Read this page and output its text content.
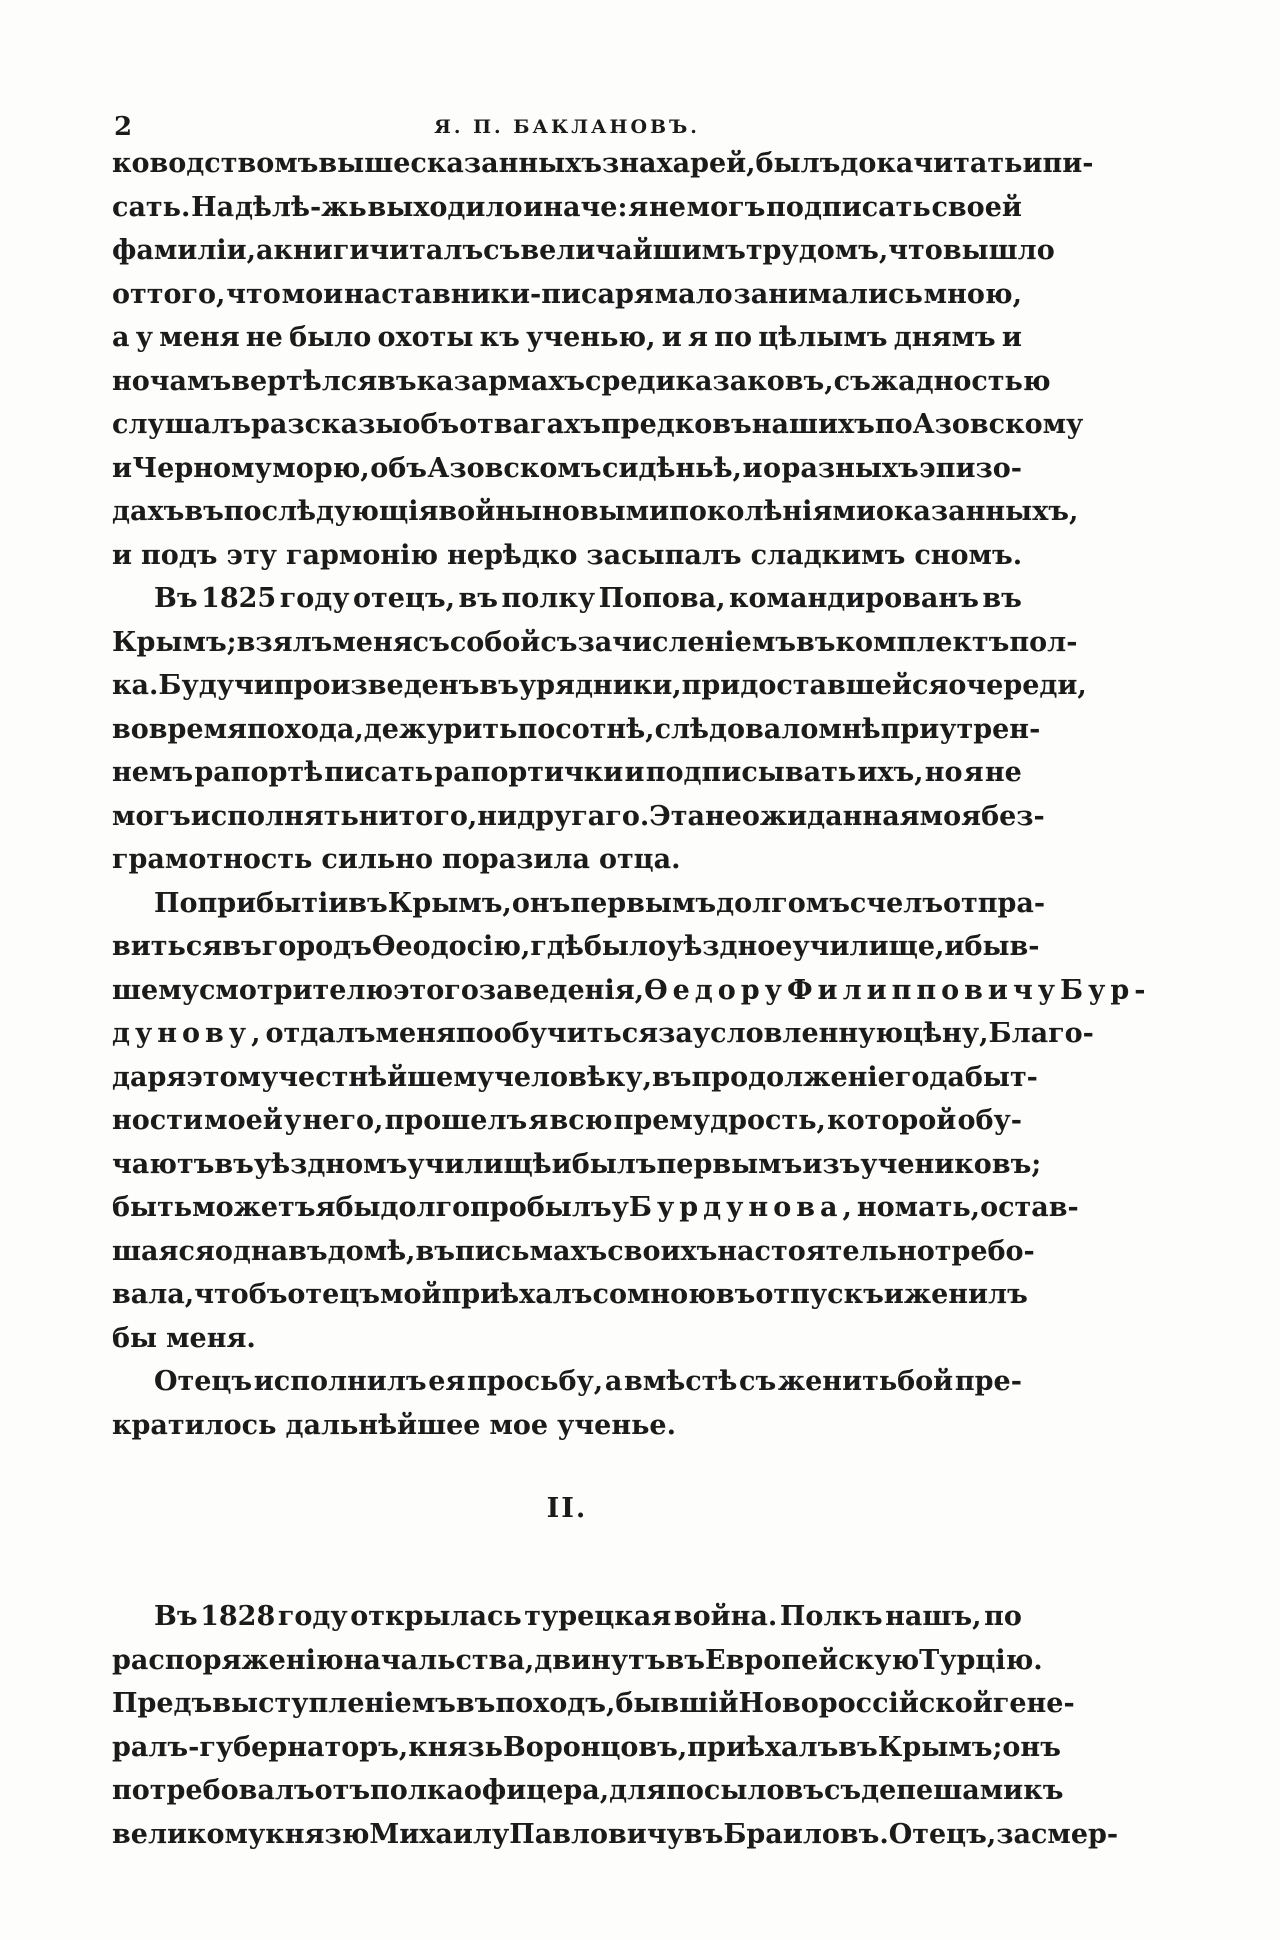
2	Я. П. БАКЛАНОВЪ.
ководствомъ вышесказанныхъ знахарей, былъ дока читать и пи-
сать. На дѣлѣ-жь выходило иначе: я не могъ подписать своей
фамиліи, а книги читалъ съ величайшимъ трудомъ, что вышло
оттого, что мои наставники-писаря мало занимались мною,
а у меня не было охоты къ ученью, и я по цѣлымъ днямъ и
ночамъ вертѣлся въ казармахъ среди казаковъ, съ жадностью
слушалъ разсказы объ отвагахъ предковъ нашихъ по Азовскому
и Черному морю, объ Азовскомъ сидѣньѣ, и о разныхъ эпизо-
дахъ въ послѣдующія войны новыми поколѣніями оказанныхъ,
и подъ эту гармонію нерѣдко засыпалъ сладкимъ сномъ.
Въ 1825 году отецъ, въ полку Попова, командированъ въ
Крымъ; взялъ меня съ собой съ зачисленіемъ въ комплектъ пол-
ка. Будучи произведенъ въ урядники, при доставшейся очереди,
во время похода, дежурить по сотнѣ, слѣдовало мнѣ при утрен-
немъ рапортѣ писать рапортички и подписывать ихъ, но я не
могъ исполнять ни того, ни другаго. Эта неожиданная моя без-
грамотность сильно поразила отца.
По прибытіи въ Крымъ, онъ первымъ долгомъ счелъ отпра-
виться въ городъ Ѳеодосію, гдѣ было уѣздное училище, и быв-
шему смотрителю этого заведенія, Ѳедору Филипповичу Бур-
дунову, отдалъ меня пообучиться за условленную цѣну, Благо-
даря этому честнѣйшему человѣку, въ продолженіе года быт-
ности моей у него, прошелъ я всю премудрость, которой обу-
чаютъ въ уѣздномъ училищѣ и былъ первымъ изъ учениковъ;
быть можетъ я бы долго пробылъ у Бурдунова, но мать, остав-
шаяся одна въ домѣ, въ письмахъ своихъ настоятельно требо-
вала, чтобъ отецъ мой приѣхалъ со мною въ отпускъ и женилъ
бы меня.
Отецъ исполнилъ ея просьбу, а вмѣстѣ съ женитьбой пре-
кратилось дальнѣйшее мое ученье.
II.
Въ 1828 году открылась турецкая война. Полкъ нашъ, по
распоряженію начальства, двинутъ въ Европейскую Турцію.
Предъ выступленіемъ въ походъ, бывшій Новороссійской гене-
ралъ-губернаторъ, князь Воронцовъ, приѣхалъ въ Крымъ; онъ
потребовалъ отъ полка офицера, для посыловъ съ депешами къ
великому князю Михаилу Павловичу въ Браиловъ. Отецъ, за смер-
